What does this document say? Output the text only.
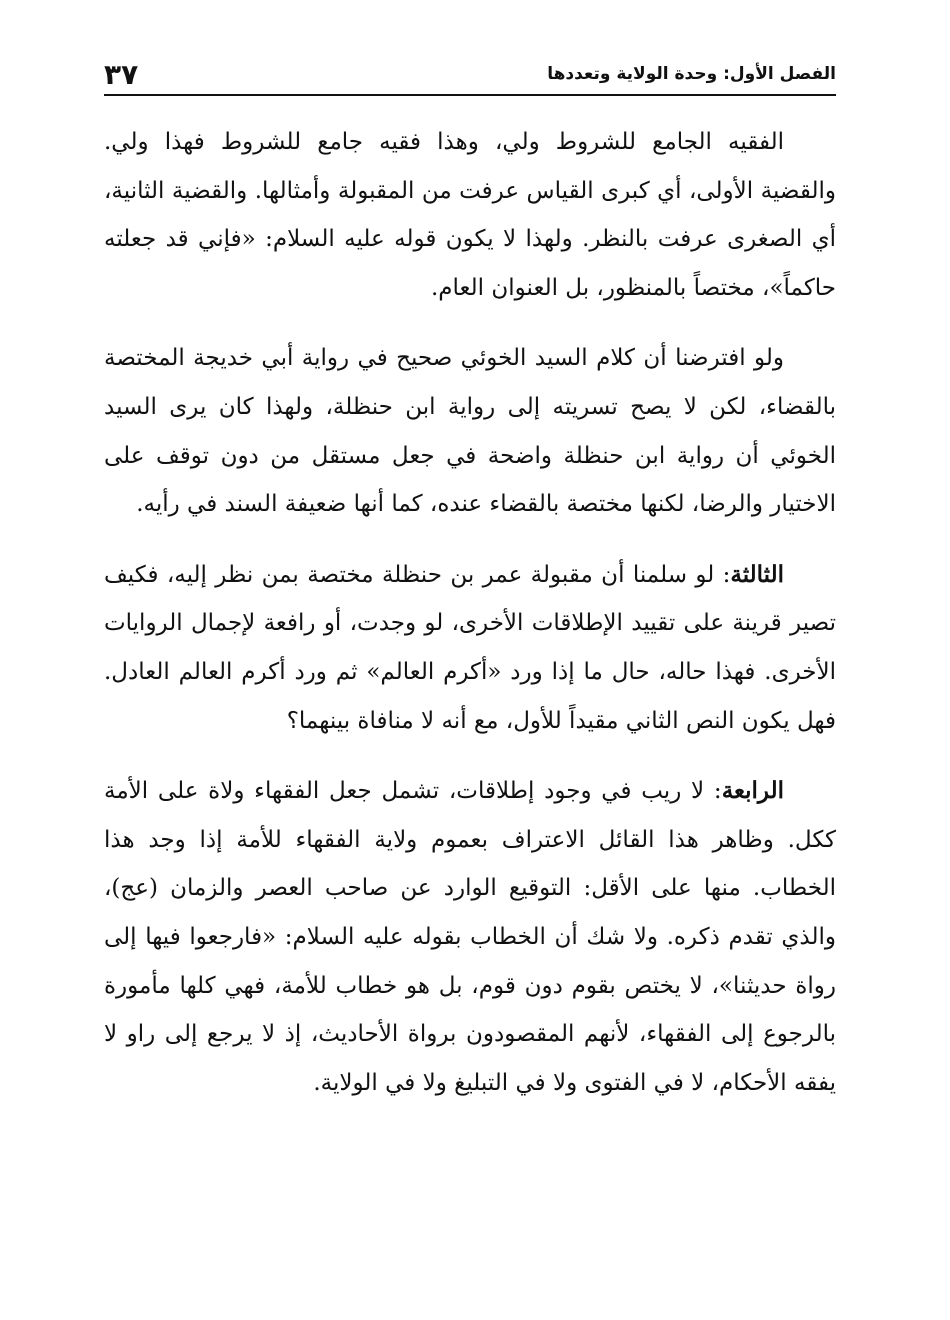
الفصل الأول: وحدة الولاية وتعددها
٣٧

الفقيه الجامع للشروط ولي، وهذا فقيه جامع للشروط فهذا ولي. والقضية الأولى، أي كبرى القياس عرفت من المقبولة وأمثالها. والقضية الثانية، أي الصغرى عرفت بالنظر. ولهذا لا يكون قوله عليه السلام: «فإني قد جعلته حاكماً»، مختصاً بالمنظور، بل العنوان العام.

ولو افترضنا أن كلام السيد الخوئي صحيح في رواية أبي خديجة المختصة بالقضاء، لكن لا يصح تسريته إلى رواية ابن حنظلة، ولهذا كان يرى السيد الخوئي أن رواية ابن حنظلة واضحة في جعل مستقل من دون توقف على الاختيار والرضا، لكنها مختصة بالقضاء عنده، كما أنها ضعيفة السند في رأيه.

الثالثة: لو سلمنا أن مقبولة عمر بن حنظلة مختصة بمن نظر إليه، فكيف تصير قرينة على تقييد الإطلاقات الأخرى، لو وجدت، أو رافعة لإجمال الروايات الأخرى. فهذا حاله، حال ما إذا ورد «أكرم العالم» ثم ورد أكرم العالم العادل. فهل يكون النص الثاني مقيداً للأول، مع أنه لا منافاة بينهما؟

الرابعة: لا ريب في وجود إطلاقات، تشمل جعل الفقهاء ولاة على الأمة ككل. وظاهر هذا القائل الاعتراف بعموم ولاية الفقهاء للأمة إذا وجد هذا الخطاب. منها على الأقل: التوقيع الوارد عن صاحب العصر والزمان (عج)، والذي تقدم ذكره. ولا شك أن الخطاب بقوله عليه السلام: «فارجعوا فيها إلى رواة حديثنا»، لا يختص بقوم دون قوم، بل هو خطاب للأمة، فهي كلها مأمورة بالرجوع إلى الفقهاء، لأنهم المقصودون برواة الأحاديث، إذ لا يرجع إلى راو لا يفقه الأحكام، لا في الفتوى ولا في التبليغ ولا في الولاية.
